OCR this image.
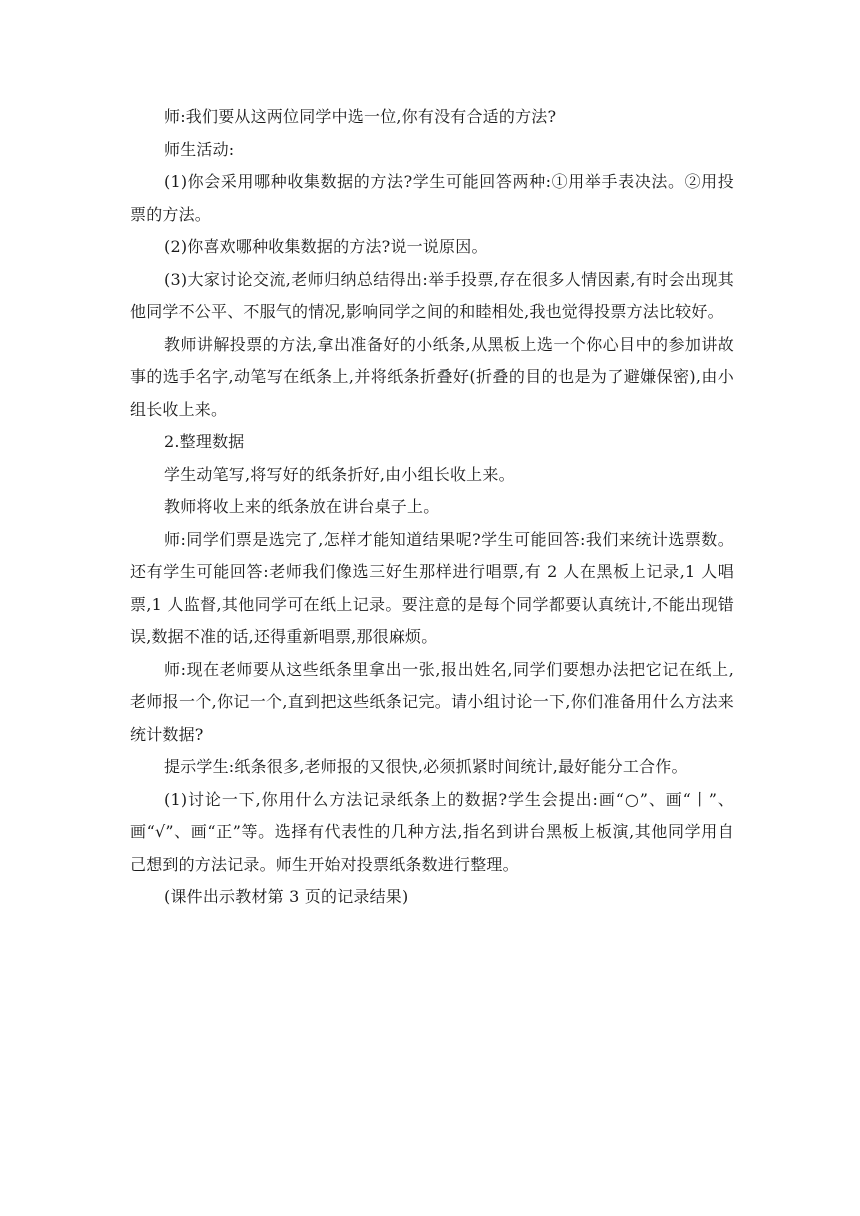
师:我们要从这两位同学中选一位,你有没有合适的方法?

师生活动:

(1)你会采用哪种收集数据的方法?学生可能回答两种:①用举手表决法。②用投票的方法。

(2)你喜欢哪种收集数据的方法?说一说原因。

(3)大家讨论交流,老师归纳总结得出:举手投票,存在很多人情因素,有时会出现其他同学不公平、不服气的情况,影响同学之间的和睦相处,我也觉得投票方法比较好。

教师讲解投票的方法,拿出准备好的小纸条,从黑板上选一个你心目中的参加讲故事的选手名字,动笔写在纸条上,并将纸条折叠好(折叠的目的也是为了避嫌保密),由小组长收上来。

2.整理数据

学生动笔写,将写好的纸条折好,由小组长收上来。

教师将收上来的纸条放在讲台桌子上。

师:同学们票是选完了,怎样才能知道结果呢?学生可能回答:我们来统计选票数。还有学生可能回答:老师我们像选三好生那样进行唱票,有 2 人在黑板上记录,1 人唱票,1 人监督,其他同学可在纸上记录。要注意的是每个同学都要认真统计,不能出现错误,数据不准的话,还得重新唱票,那很麻烦。

师:现在老师要从这些纸条里拿出一张,报出姓名,同学们要想办法把它记在纸上,老师报一个,你记一个,直到把这些纸条记完。请小组讨论一下,你们准备用什么方法来统计数据?

提示学生:纸条很多,老师报的又很快,必须抓紧时间统计,最好能分工合作。

(1)讨论一下,你用什么方法记录纸条上的数据?学生会提出:画“○”、画“丨”、画“√”、画“正”等。选择有代表性的几种方法,指名到讲台黑板上板演,其他同学用自己想到的方法记录。师生开始对投票纸条数进行整理。

(课件出示教材第 3 页的记录结果)
